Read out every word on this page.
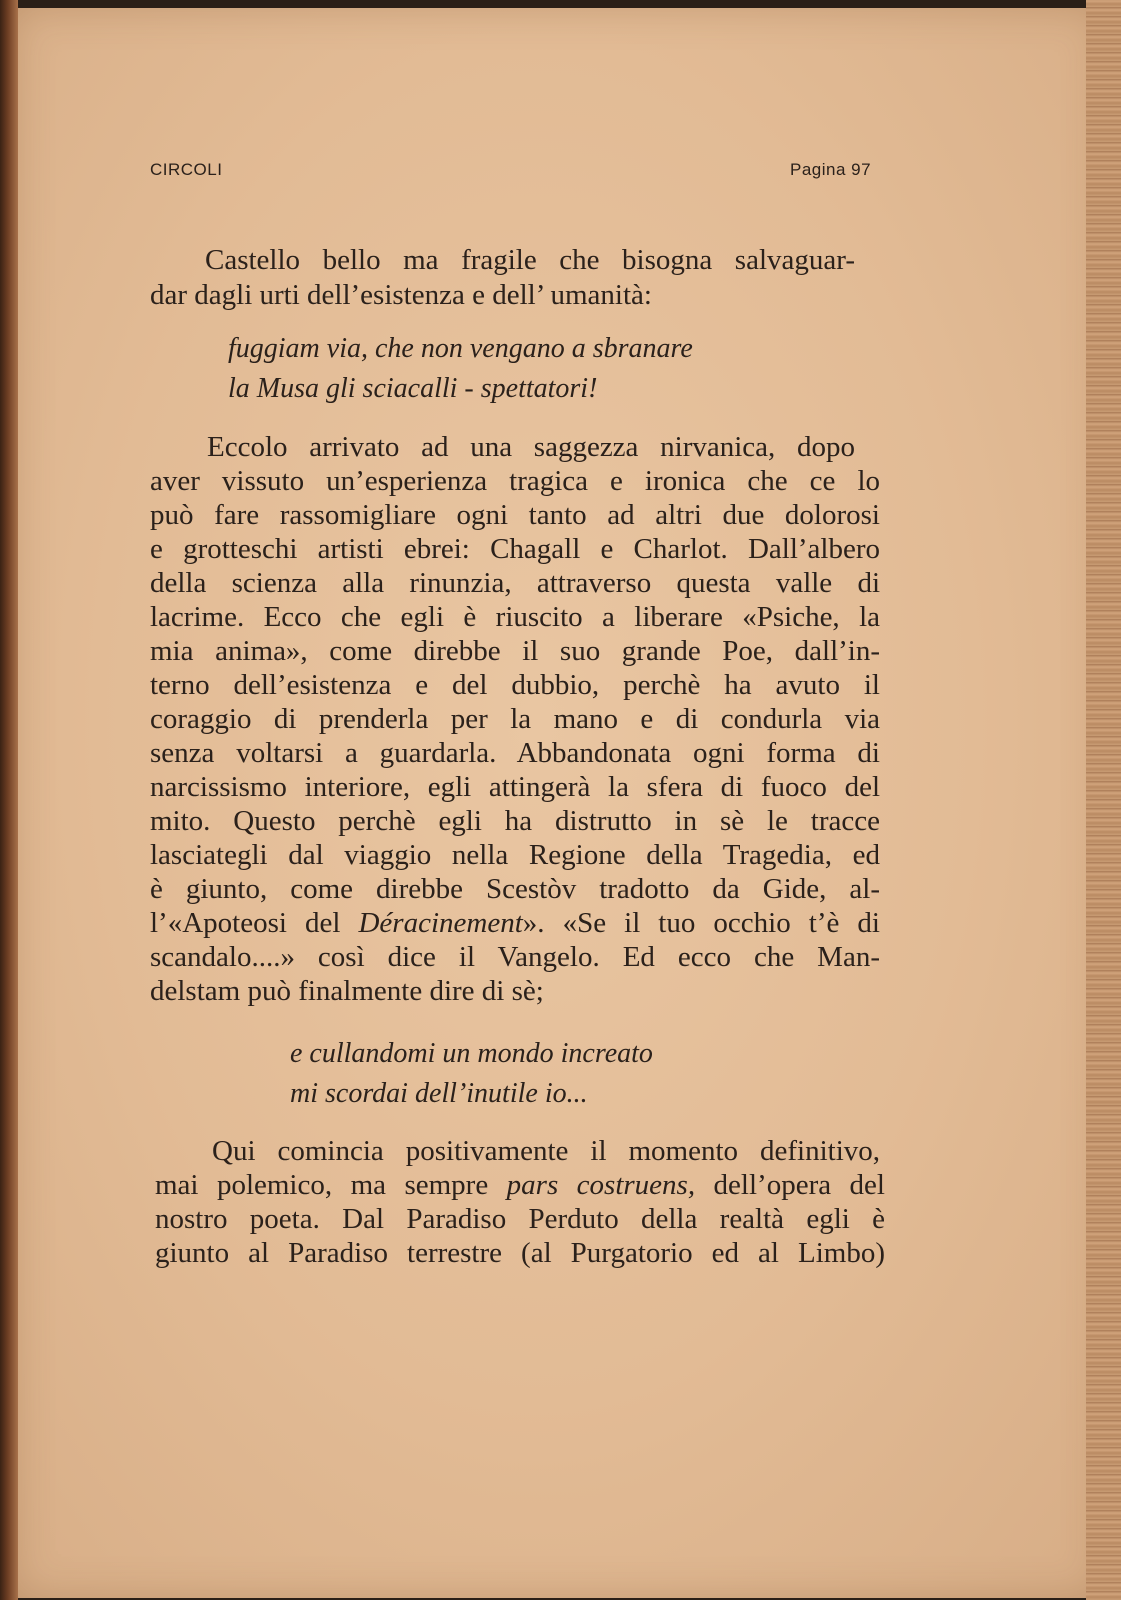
CIRCOLI	Pagina 97
Castello bello ma fragile che bisogna salvaguar-
dar dagli urti dell’esistenza e dell’ umanità:
fuggiam via, che non vengano a sbranare
la Musa gli sciacalli - spettatori!
Eccolo arrivato ad una saggezza nirvanica, dopo
aver vissuto un’esperienza tragica e ironica che ce lo
può fare rassomigliare ogni tanto ad altri due dolorosi
e grotteschi artisti ebrei: Chagall e Charlot. Dall’albero
della scienza alla rinunzia, attraverso questa valle di
lacrime. Ecco che egli è riuscito a liberare «Psiche, la
mia anima», come direbbe il suo grande Poe, dall’in-
terno dell’esistenza e del dubbio, perchè ha avuto il
coraggio di prenderla per la mano e di condurla via
senza voltarsi a guardarla. Abbandonata ogni forma di
narcissismo interiore, egli attingerà la sfera di fuoco del
mito. Questo perchè egli ha distrutto in sè le tracce
lasciategli dal viaggio nella Regione della Tragedia, ed
è giunto, come direbbe Scestòv tradotto da Gide, al-
l’«Apoteosi del Déracinement». «Se il tuo occhio t’è di
scandalo....» così dice il Vangelo. Ed ecco che Man-
delstam può finalmente dire di sè;
e cullandomi un mondo increato
mi scordai dell’inutile io...
Qui comincia positivamente il momento definitivo,
mai polemico, ma sempre pars costruens, dell’opera del
nostro poeta. Dal Paradiso Perduto della realtà egli è
giunto al Paradiso terrestre (al Purgatorio ed al Limbo)
